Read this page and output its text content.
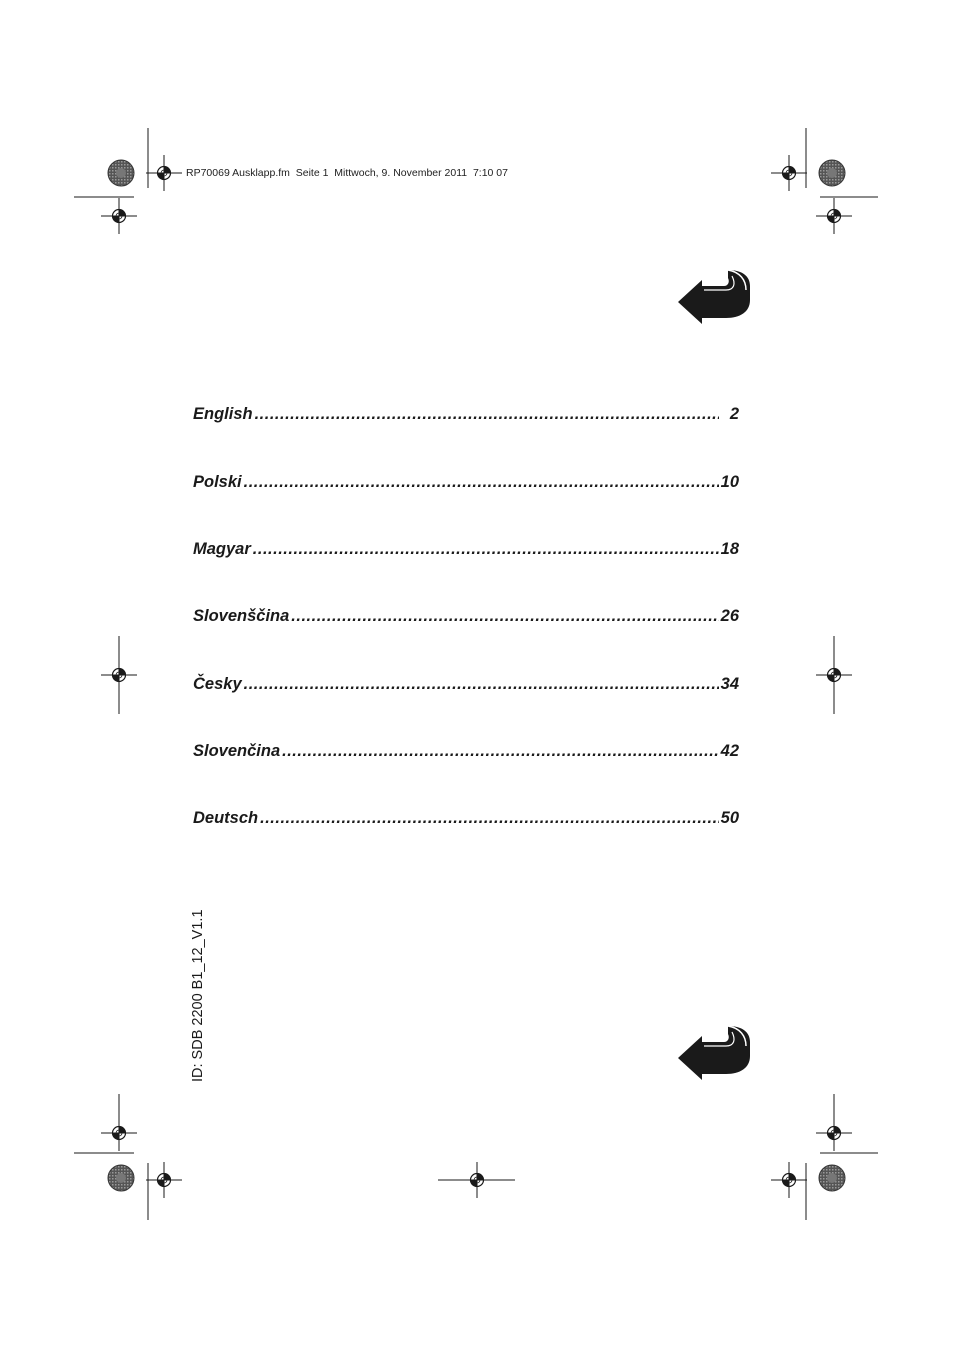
RP70069 Ausklapp.fm  Seite 1  Mittwoch, 9. November 2011  7:10 07
English .....	2
Polski .....	10
Magyar .....	18
Slovenščina .....	26
Česky .....	34
Slovenčina .....	42
Deutsch .....	50
ID: SDB 2200 B1_12_V1.1
